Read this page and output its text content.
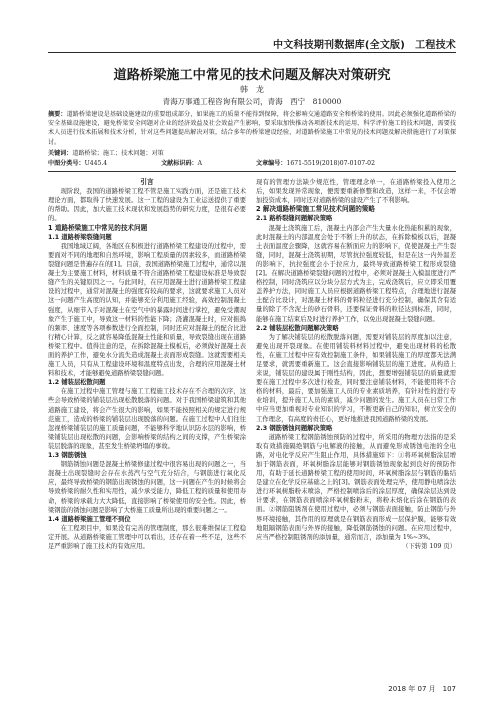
中文科技期刊数据库(全文版)　工程技术
道路桥梁施工中常见的技术问题及解决对策研究
韩　龙
青海万事通工程咨询有限公司，青海　西宁　810000
摘要：道路桥梁建设是基础设施建设的重要组成部分，如果施工的质量不能得到保障，将会影响交通道路安全和桥梁的使用。因此必须强化道路桥梁的安全基础设施建设，避免桥梁安全问题对企业的经济效益及社会效益产生影响，要采取加快推动各项新技术的运用、科学评价施工的技术问题，需要技术人员进行技术拓展和技术分析，针对这些问题提出解决对策，结合多年的桥梁建设经验，对道路桥梁施工中常见的技术问题及解决措施进行了对策探讨。
关键词：道路桥梁；施工；技术问题；对策
中图分类号：U445.4	文献标识码：A	文章编号：1671-5519(2018)07-0107-02
引言

现阶段，我国的道路桥梁工程不管是施工实践方面，还是施工技术理论方面，都取得了快速发展。这一工程的建设为工业运送提供了重要的帮助。因此，加大施工技术现状和发展趋势的研究力度，是很有必要的。

1 道路桥梁施工中常见的技术问题
1.1 道路桥梁裂缝问题

我国地域辽阔，各地区在积极进行道路桥梁工程建设的过程中，需要面对不同的地理和自然环境，影响工程质量的因素较多，而道路桥梁裂缝问题是普遍存在的[1]。目前，我国道路桥梁施工过程中，通常以混凝土为主要施工材料，材料质量不符合道路桥梁工程建设标准是导致裂缝产生的关键原因之一。与此同时，在应用混凝土进行道路桥梁工程建设的过程中，通常对混凝土的强度有较高的要求，这就要求施工人员对这一问题产生高度的认知，并能够充分利用施工经验，高效控制混凝土强度，从细节入手对混凝土在空气中的暴露时间进行掌控，避免受潮现象产生于施工中，导致这一材料的性能下降；浇灌混凝土时，应对振捣的频率、速度等各项参数进行全面控制，同时还应对混凝土的配合比进行精心计算，反之就容易降低混凝土性能和质量，导致裂缝出现在道路桥梁工程中。值得注意的是，在拆除混凝土模板后，必须做好混凝土表面的养护工作，避免水分流失造成混凝土表面形成裂缝。这就需要相关施工人员，只有从工程建设环境和温度特点出发，合理的应用混凝土材料和技术，才能够避免道路桥梁裂缝问题。

1.2 铺装层松散问题

在施工过程中施工管理与施工工程施工技术存在不合理的次序，这些会导致桥梁的铺装层出现松散脱落的问题。对于我国桥梁建筑和其他道路施工建设，将会产生很大的影响，如果不能按照相关的规定进行规范施工，造成的桥梁的铺装层出现脱落的问题。在施工过程中人们往往忽视桥梁铺装层的施工质量问题，不能够科学地认识防水层的影响，桥梁铺装层出现松散的问题，会影响桥梁的结构之间的支撑，产生桥梁涂装层脱落的现象，甚至发生桥梁坍塌的事故。

1.3 钢筋锈蚀

钢筋锈蚀问题是混凝土桥梁修建过程中很容易出现的问题之一，当混凝土出现裂缝时会存在水蒸汽与空气充分结合，与钢筋进行氧化反应，最终导致桥梁的钢筋出现锈蚀的问题，这一问题在产生的时候将会导致桥梁的耐久性和实用性，减少承受能力，降低工程的质量和使用寿命，桥梁的承载力大大降低，直接影响了桥梁使用的安全性。因此，桥梁钢筋的锈蚀问题是影响了大桥施工质量所出现的重要问题之一。

1.4 道路桥梁施工管理不到位

在工程项目中，如果没有完善的管理制度，那么很难维保证工程稳定开展。从道路桥梁施工管理中可以看出，还存在着一些不足，这些不足严重影响了施工技术的有效应用。

现有的管理方法缺少规范性，管理理念单一，在道路桥梁投入使用之后，如果发现异常现象，便需要重新修整和改造，这样一来，不仅会增加投资成本，同时还对道路桥梁的建设产生了不利影响。

2 解决道路桥梁施工常见技术问题的策略
2.1 路桥裂缝问题解决策略

混凝土浇筑施工后，混凝土内部会产生大量水化热能积累的现象，此时混凝土的内部温度会处于不断上升的状态，在拆除模板以后，混凝土表面温度会骤降，这就容易在断面应力的影响下，促使混凝土产生裂缝，同时，混凝土浇筑初期，尽管抗拉强度较低，但是在这一内外温差的影响下，抗拉强度会小于拉应力，最终导致道路桥梁工程形成裂缝[2]。在解决道路桥梁裂缝问题的过程中，必须对混凝土入模温度进行严格控制，同时浇筑应以分块分层方式为主，完成浇筑后，应立即采用覆盖养护方法，同时施工人员应根据道路桥梁工程特点，合理地进行混凝土配合比设计，对混凝土材料的骨料粒径进行充分控制，确保其含有适量的除了不含泥土的砂石骨料，还要保证骨料的粒径达到标准，同时，能够在施工结束后及时进行养护工作，以免出现混凝土裂缝问题。

2.2 铺装层松散问题解决策略

为了解决铺装层的松散脱落问题，需要对铺装层的厚度加以注意，避免出现开裂现象。在使用铺装料材料过程中，避免出现材料的松散性，在施工过程中应有效控制施工条件，如果铺装施工的厚度都无法满足要求，就需要重新施工。这会直接影响铺装层的施工进度。从构造上来说，铺装层的建设属于刚性结构，因此，想要增强铺装层的质量就需要在施工过程中多次进行检查，同时要注意铺装材料，不能使用将不合格的材料，最后，要加强施工人员的专业素质培养，有针对性的进行专业培训，提升施工人员的素质，减少问题的发生。施工人员在日常工作中应当更加重视对专业知识的学习，不断更新自己的知识，树立安全的工作理念，有高度的责任心，更好地推进我国道路桥梁的发展。

2.3 钢筋锈蚀问题解决策略

道路桥梁工程钢筋锈蚀预防的过程中，所采用的物理方法指的是采取有效措施隔绝钢筋与电解液的接触，从而避免形成锈蚀电池的全电路，对电化学反应产生阻止作用，具体措施如下：①将环氧树脂涂层增加于钢筋表面，环氧树脂涂层能够对钢筋锈蚀现象起到良好的预防作用，有助于延长道路桥梁工程的使用时间，环氧树脂涂层与钢筋的黏结是建立在化学反应基础之上的[3]。钢筋表面处理完毕，使用静电喷涂法进行环氧树脂粉末喷涂，严格控制喷涂后的涂层厚度，确保涂层达到设计要求，在钢筋表面喷涂环氧树脂粉末，将粉末熔化后涂在钢筋的表面。②钢筋阻锈剂在使用过程中，必须与钢筋表面接触，防止钢筋与外界环境接触，其作用的原理就是在钢筋表面形成一层保护膜，能够有效地阻隔钢筋表面与外界的接触，降低钢筋锈蚀的问题。在应用过程中，应当严格控制阻锈剂的添加量，通常而言，添加量为 1%~3%。

（下转第 109 页）

2018 年 07 月　107
